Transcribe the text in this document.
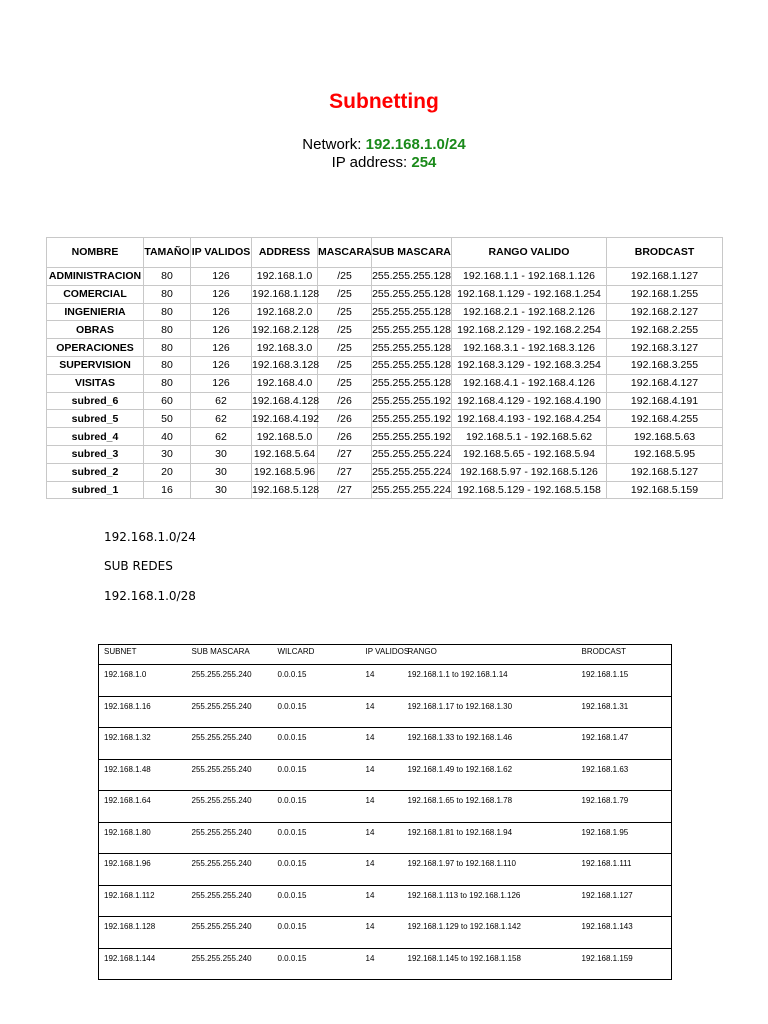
Subnetting
Network: 192.168.1.0/24
IP address: 254
NOMBRE	TAMAÑO	IP VALIDOS	ADDRESS	MASCARA	SUB MASCARA	RANGO VALIDO	BRODCAST
ADMINISTRACION	80	126	192.168.1.0	/25	255.255.255.128	192.168.1.1 - 192.168.1.126	192.168.1.127
COMERCIAL	80	126	192.168.1.128	/25	255.255.255.128	192.168.1.129 - 192.168.1.254	192.168.1.255
INGENIERIA	80	126	192.168.2.0	/25	255.255.255.128	192.168.2.1 - 192.168.2.126	192.168.2.127
OBRAS	80	126	192.168.2.128	/25	255.255.255.128	192.168.2.129 - 192.168.2.254	192.168.2.255
OPERACIONES	80	126	192.168.3.0	/25	255.255.255.128	192.168.3.1 - 192.168.3.126	192.168.3.127
SUPERVISION	80	126	192.168.3.128	/25	255.255.255.128	192.168.3.129 - 192.168.3.254	192.168.3.255
VISITAS	80	126	192.168.4.0	/25	255.255.255.128	192.168.4.1 - 192.168.4.126	192.168.4.127
subred_6	60	62	192.168.4.128	/26	255.255.255.192	192.168.4.129 - 192.168.4.190	192.168.4.191
subred_5	50	62	192.168.4.192	/26	255.255.255.192	192.168.4.193 - 192.168.4.254	192.168.4.255
subred_4	40	62	192.168.5.0	/26	255.255.255.192	192.168.5.1 - 192.168.5.62	192.168.5.63
subred_3	30	30	192.168.5.64	/27	255.255.255.224	192.168.5.65 - 192.168.5.94	192.168.5.95
subred_2	20	30	192.168.5.96	/27	255.255.255.224	192.168.5.97 - 192.168.5.126	192.168.5.127
subred_1	16	30	192.168.5.128	/27	255.255.255.224	192.168.5.129 - 192.168.5.158	192.168.5.159
192.168.1.0/24
SUB REDES
192.168.1.0/28
SUBNET	SUB MASCARA	WILCARD	IP VALIDOS	RANGO	BRODCAST
192.168.1.0	255.255.255.240	0.0.0.15	14	192.168.1.1 to 192.168.1.14	192.168.1.15
192.168.1.16	255.255.255.240	0.0.0.15	14	192.168.1.17 to 192.168.1.30	192.168.1.31
192.168.1.32	255.255.255.240	0.0.0.15	14	192.168.1.33 to 192.168.1.46	192.168.1.47
192.168.1.48	255.255.255.240	0.0.0.15	14	192.168.1.49 to 192.168.1.62	192.168.1.63
192.168.1.64	255.255.255.240	0.0.0.15	14	192.168.1.65 to 192.168.1.78	192.168.1.79
192.168.1.80	255.255.255.240	0.0.0.15	14	192.168.1.81 to 192.168.1.94	192.168.1.95
192.168.1.96	255.255.255.240	0.0.0.15	14	192.168.1.97 to 192.168.1.110	192.168.1.111
192.168.1.112	255.255.255.240	0.0.0.15	14	192.168.1.113 to 192.168.1.126	192.168.1.127
192.168.1.128	255.255.255.240	0.0.0.15	14	192.168.1.129 to 192.168.1.142	192.168.1.143
192.168.1.144	255.255.255.240	0.0.0.15	14	192.168.1.145 to 192.168.1.158	192.168.1.159
